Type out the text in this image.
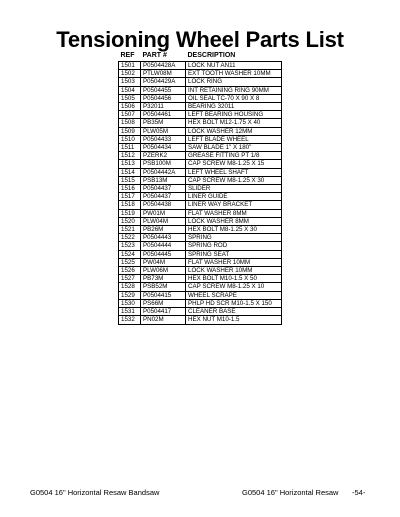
Tensioning Wheel Parts List
REF	PART #	DESCRIPTION
1501	P0504428A	LOCK NUT AN11
1502	PTLW08M	EXT TOOTH WASHER 10MM
1503	P0504429A	LOCK RING
1504	P0504455	INT RETAINING RING 90MM
1505	P0504456	OIL SEAL TC-70 X 90 X 8
1506	P32011	BEARING 32011
1507	P0504461	LEFT BEARING HOUSING
1508	PB35M	HEX BOLT M12-1.75 X 40
1509	PLW05M	LOCK WASHER 12MM
1510	P0504433	LEFT BLADE WHEEL
1511	P0504434	SAW BLADE 1" X 180"
1512	PZERK2	GREASE FITTING PT 1/8
1513	PSB100M	CAP SCREW M8-1.25 X 15
1514	P0504442A	LEFT WHEEL SHAFT
1515	PSB13M	CAP SCREW M8-1.25 X 30
1516	P0504437	SLIDER
1517	P0504437	LINER GUIDE
1518	P0504438	LINER WAY BRACKET
1519	PW01M	FLAT WASHER 8MM
1520	PLW04M	LOCK WASHER 8MM
1521	PB26M	HEX BOLT M8-1.25 X 30
1522	P0504443	SPRING
1523	P0504444	SPRING ROD
1524	P0504445	SPRING SEAT
1525	PW04M	FLAT WASHER 10MM
1526	PLW06M	LOCK WASHER 10MM
1527	PB73M	HEX BOLT M10-1.5 X 50
1528	PSB52M	CAP SCREW M8-1.25 X 10
1529	P0504415	WHEEL SCRAPE
1530	PS66M	PHLP HD SCR M10-1.5 X 150
1531	P0504417	CLEANER BASE
1532	PN02M	HEX NUT M10-1.5
G0504 16" Horizontal Resaw Bandsaw	G0504 16" Horizontal Resaw -54-
